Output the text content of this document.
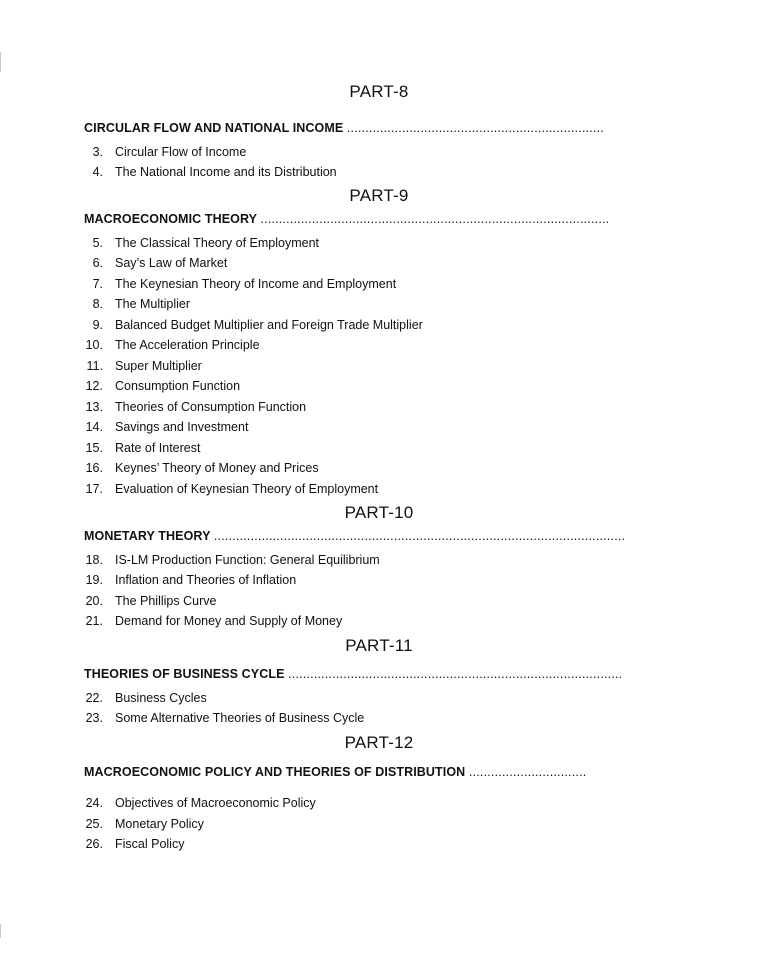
PART-8
CIRCULAR FLOW AND NATIONAL INCOME ......................................................................
3. Circular Flow of Income
4. The National Income and its Distribution
PART-9
MACROECONOMIC THEORY ...............................................................................................
5. The Classical Theory of Employment
6. Say’s Law of Market
7. The Keynesian Theory of Income and Employment
8. The Multiplier
9. Balanced Budget Multiplier and Foreign Trade Multiplier
10. The Acceleration Principle
11. Super Multiplier
12. Consumption Function
13. Theories of Consumption Function
14. Savings and Investment
15. Rate of Interest
16. Keynes’ Theory of Money and Prices
17. Evaluation of Keynesian Theory of Employment
PART-10
MONETARY THEORY ................................................................................................................
18. IS-LM Production Function: General Equilibrium
19. Inflation and Theories of Inflation
20. The Phillips Curve
21. Demand for Money and Supply of Money
PART-11
THEORIES OF BUSINESS CYCLE ...........................................................................................
22. Business Cycles
23. Some Alternative Theories of Business Cycle
PART-12
MACROECONOMIC POLICY AND THEORIES OF DISTRIBUTION ................................
24. Objectives of Macroeconomic Policy
25. Monetary Policy
26. Fiscal Policy
